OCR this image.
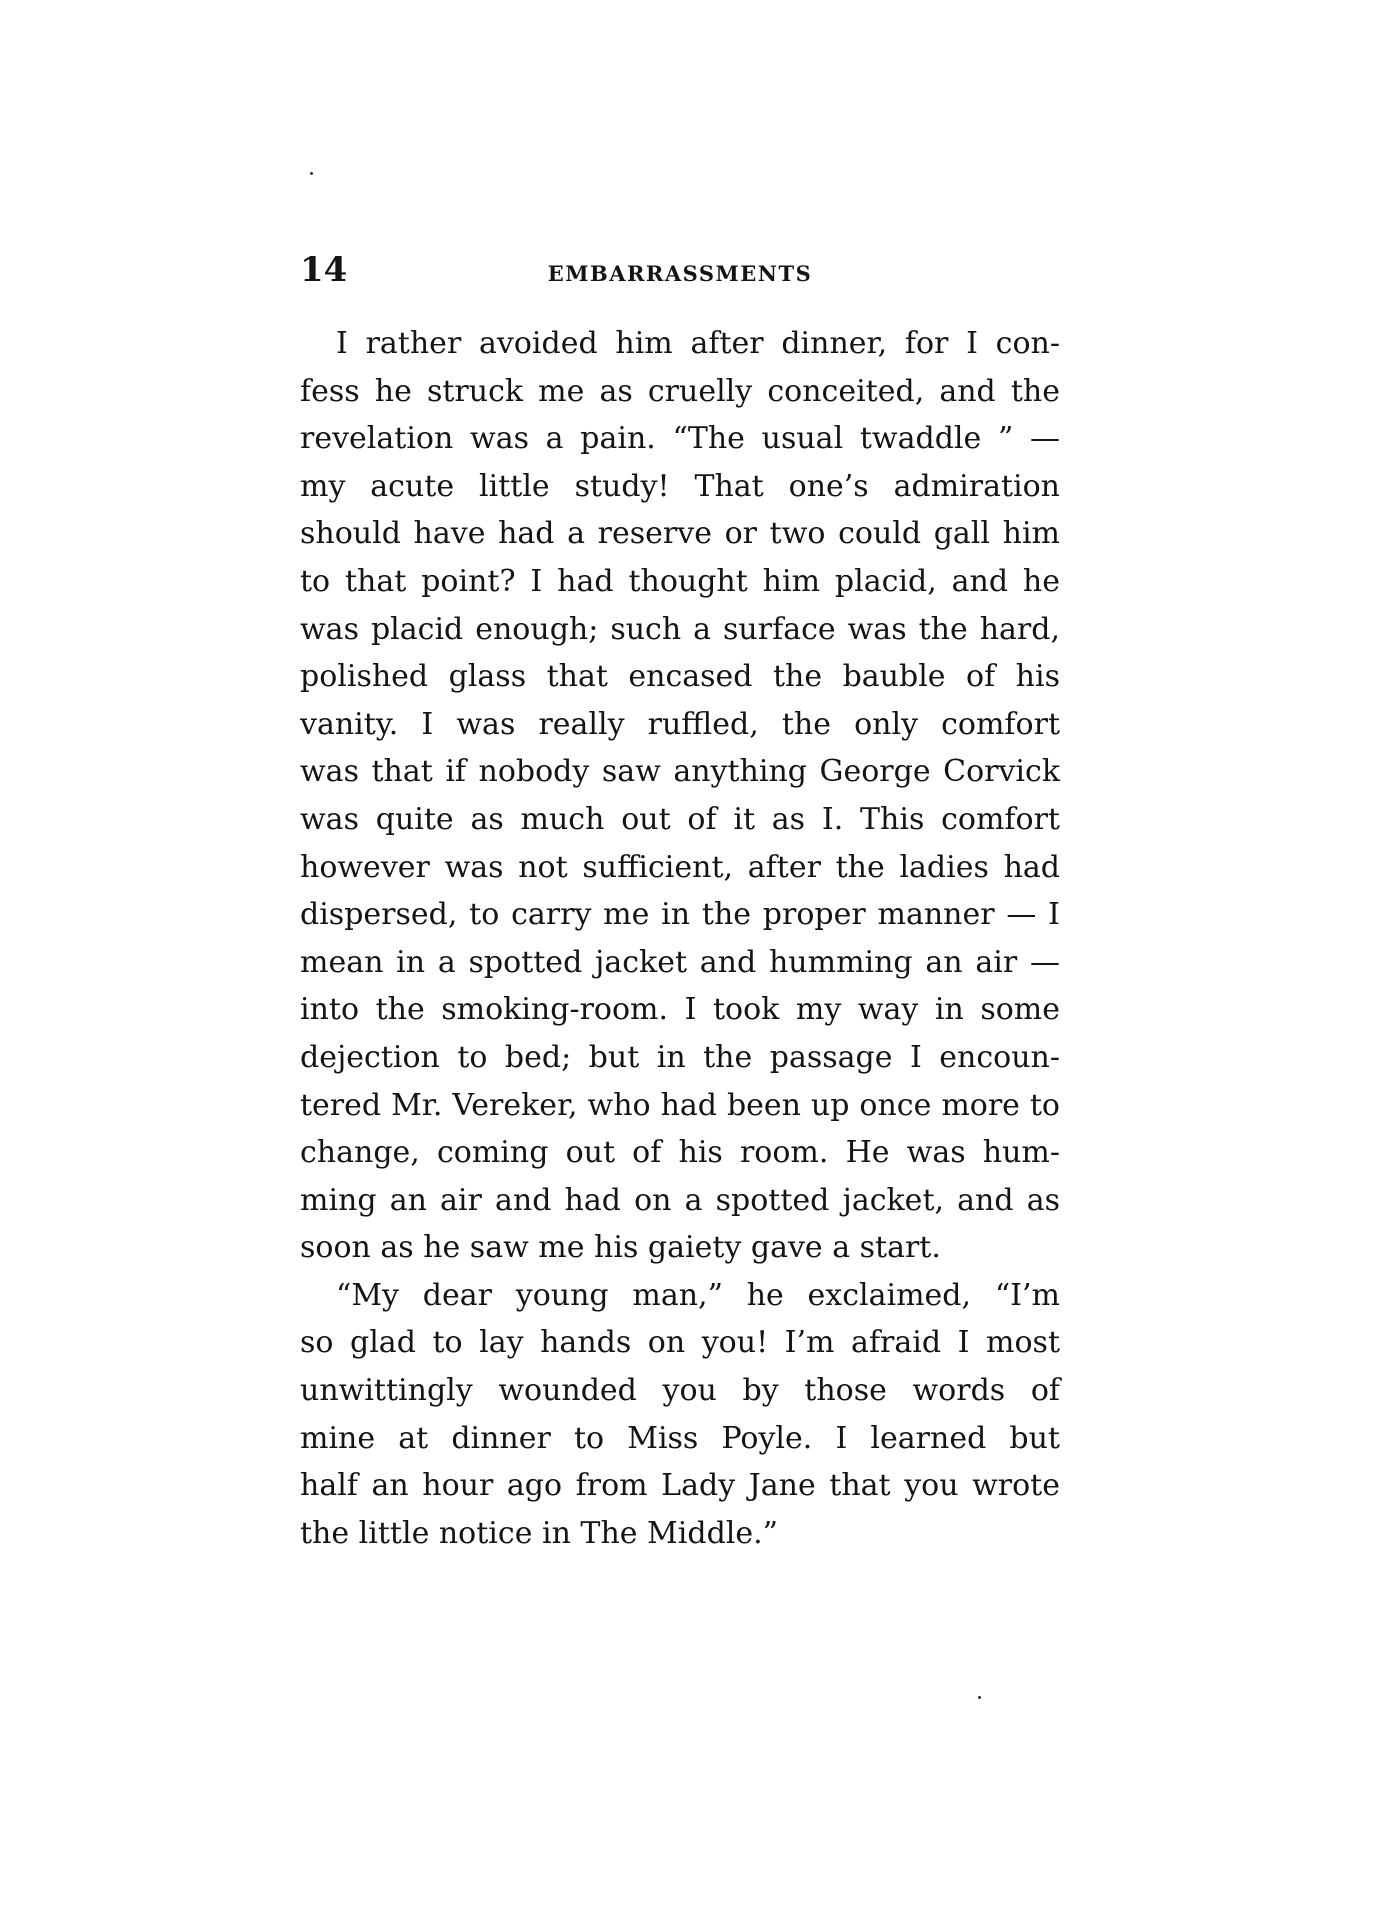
14	EMBARRASSMENTS
I rather avoided him after dinner, for I con-
fess he struck me as cruelly conceited, and the
revelation was a pain. “The usual twaddle ” —
my acute little study! That one’s admiration
should have had a reserve or two could gall him
to that point? I had thought him placid, and he
was placid enough; such a surface was the hard,
polished glass that encased the bauble of his
vanity. I was really ruffled, the only comfort
was that if nobody saw anything George Corvick
was quite as much out of it as I. This comfort
however was not sufficient, after the ladies had
dispersed, to carry me in the proper manner — I
mean in a spotted jacket and humming an air —
into the smoking-room. I took my way in some
dejection to bed; but in the passage I encoun-
tered Mr. Vereker, who had been up once more to
change, coming out of his room. He was hum-
ming an air and had on a spotted jacket, and as
soon as he saw me his gaiety gave a start.
“My dear young man,” he exclaimed, “I’m
so glad to lay hands on you! I’m afraid I most
unwittingly wounded you by those words of
mine at dinner to Miss Poyle. I learned but
half an hour ago from Lady Jane that you wrote
the little notice in The Middle.”
